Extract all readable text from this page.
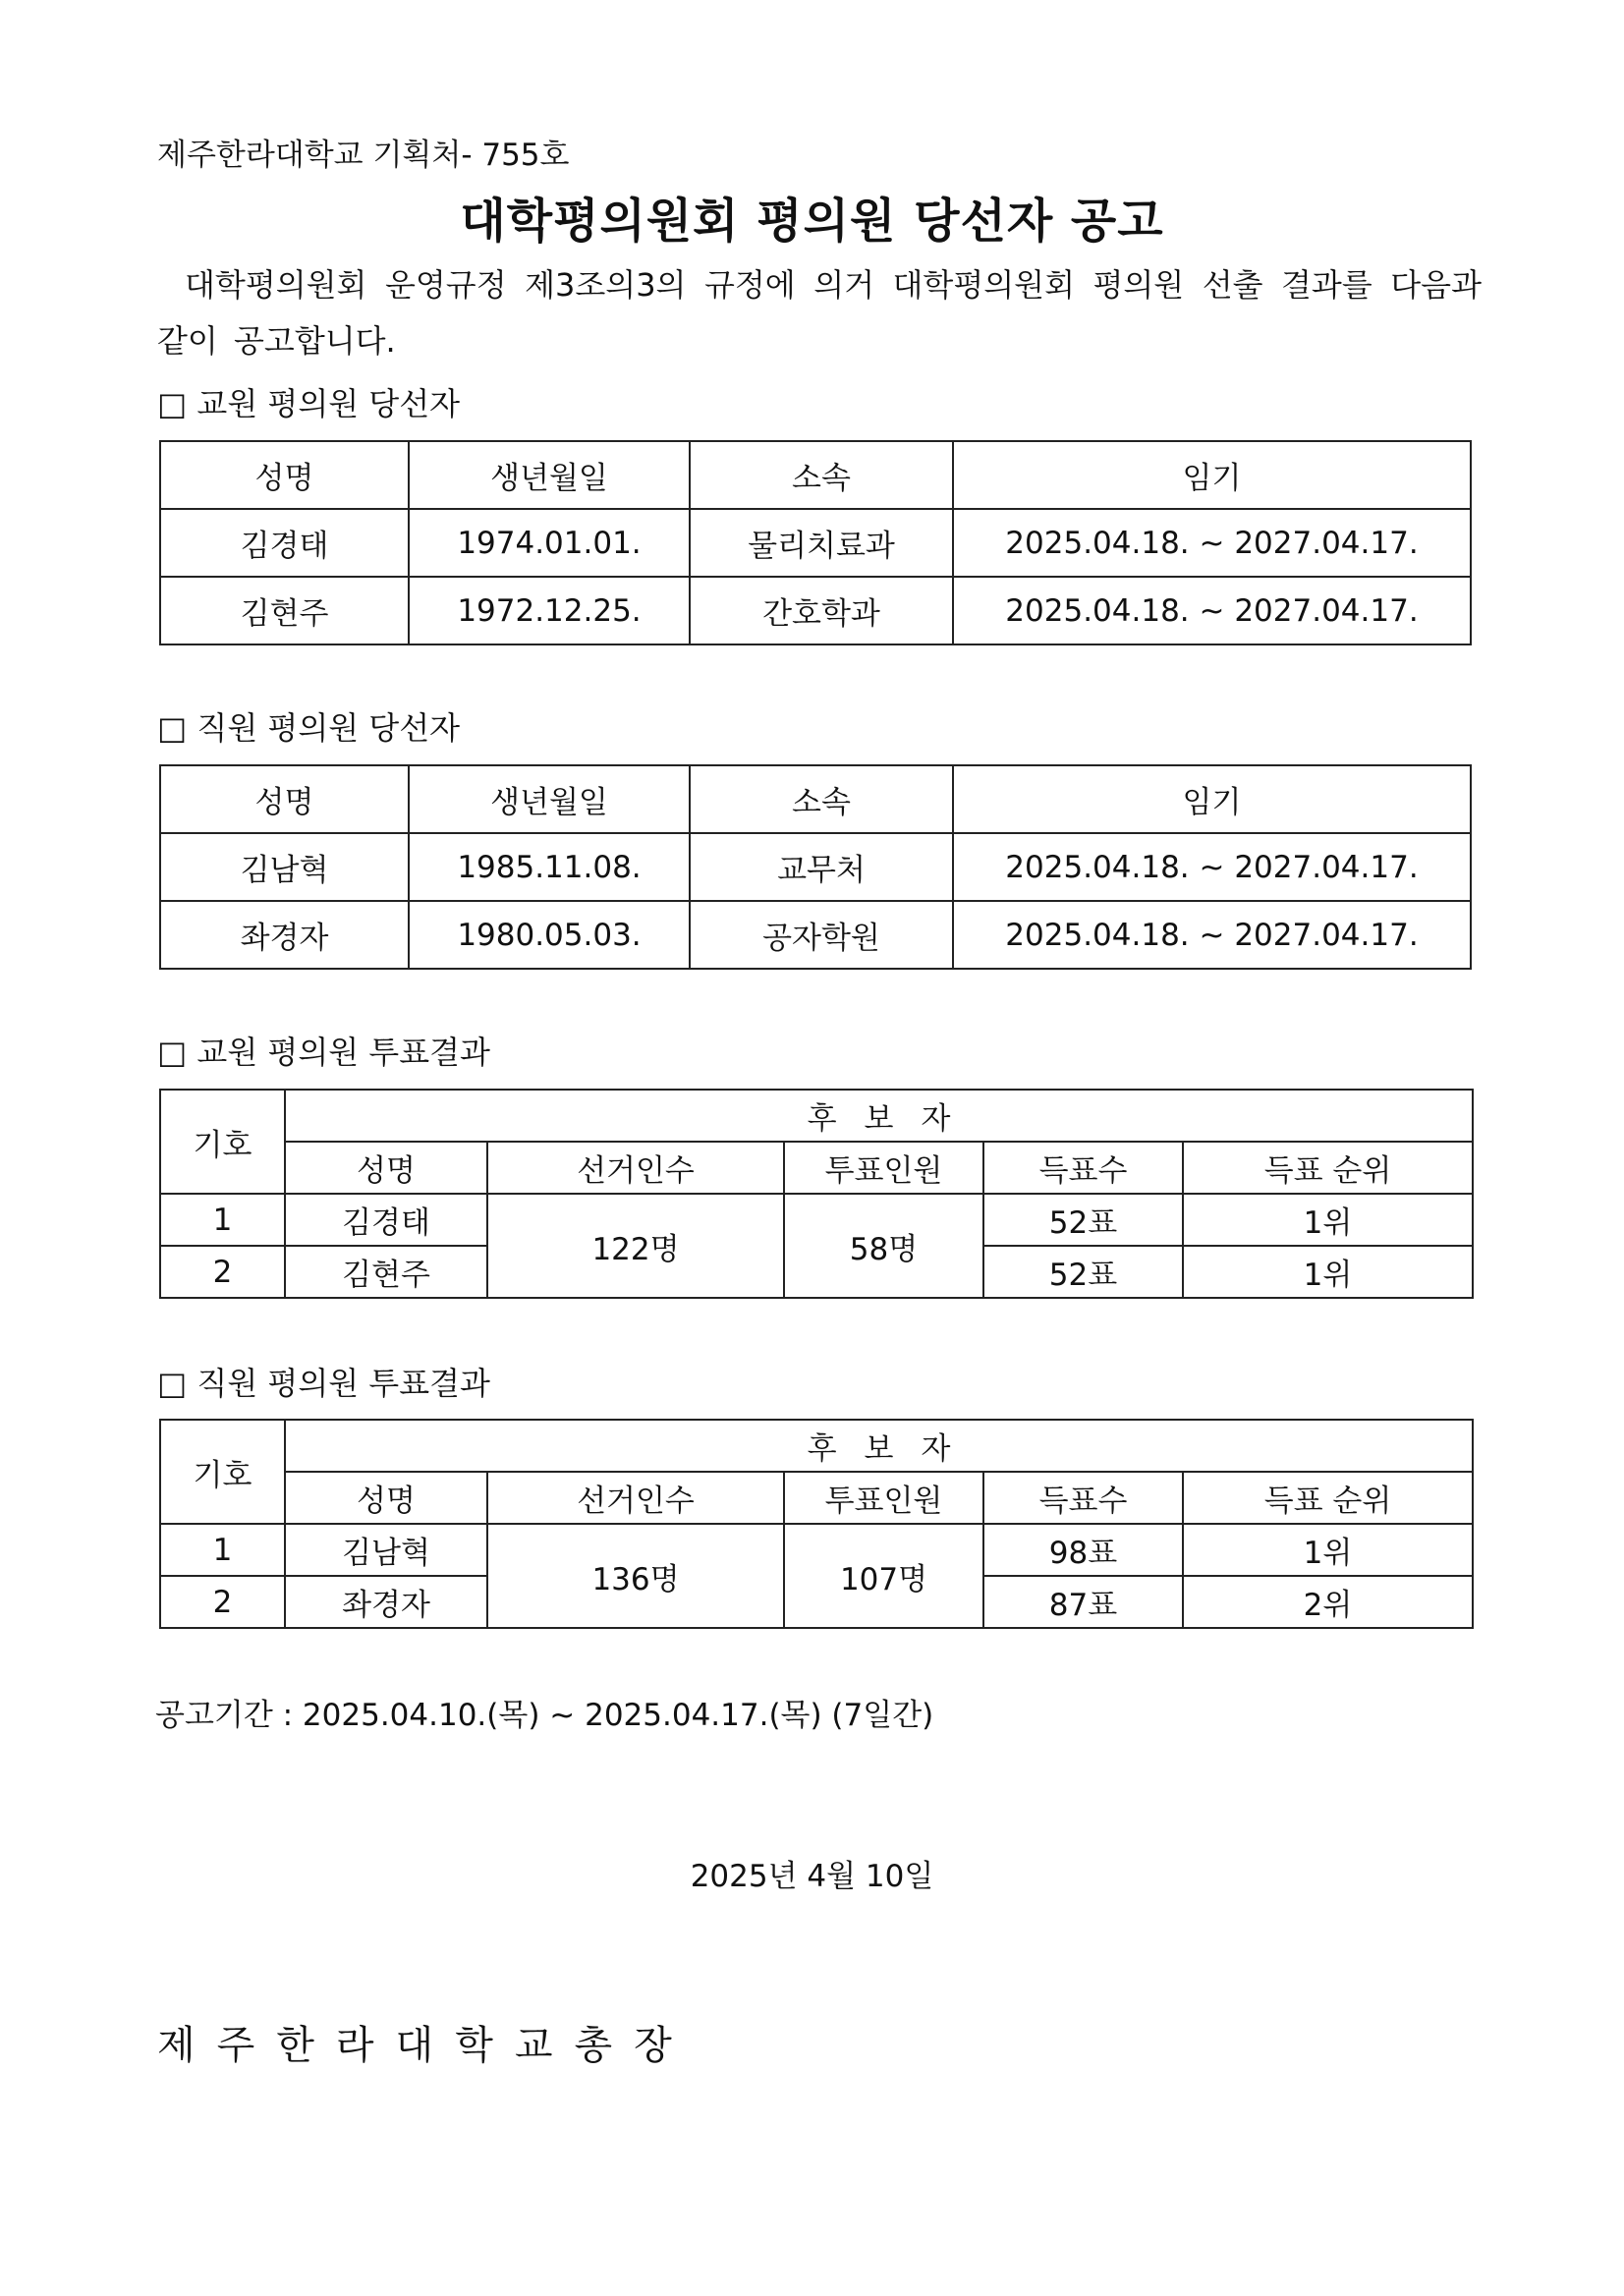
제주한라대학교 기획처- 755호
대학평의원회 평의원 당선자 공고
대학평의원회 운영규정 제3조의3의 규정에 의거 대학평의원회 평의원 선출 결과를 다음과 같이 공고합니다.
□ 교원 평의원 당선자
성명	생년월일	소속	임기
김경태	1974.01.01.	물리치료과	2025.04.18. ~ 2027.04.17.
김현주	1972.12.25.	간호학과	2025.04.18. ~ 2027.04.17.
□ 직원 평의원 당선자
성명	생년월일	소속	임기
김남혁	1985.11.08.	교무처	2025.04.18. ~ 2027.04.17.
좌경자	1980.05.03.	공자학원	2025.04.18. ~ 2027.04.17.
□ 교원 평의원 투표결과
기호	후보자				
	성명	선거인수	투표인원	득표수	득표 순위
1	김경태	122명	58명	52표	1위
2	김현주			52표	1위
□ 직원 평의원 투표결과
기호	후보자				
	성명	선거인수	투표인원	득표수	득표 순위
1	김남혁	136명	107명	98표	1위
2	좌경자			87표	2위
공고기간 : 2025.04.10.(목) ~ 2025.04.17.(목) (7일간)
2025년 4월 10일
제주한라대학교총장
